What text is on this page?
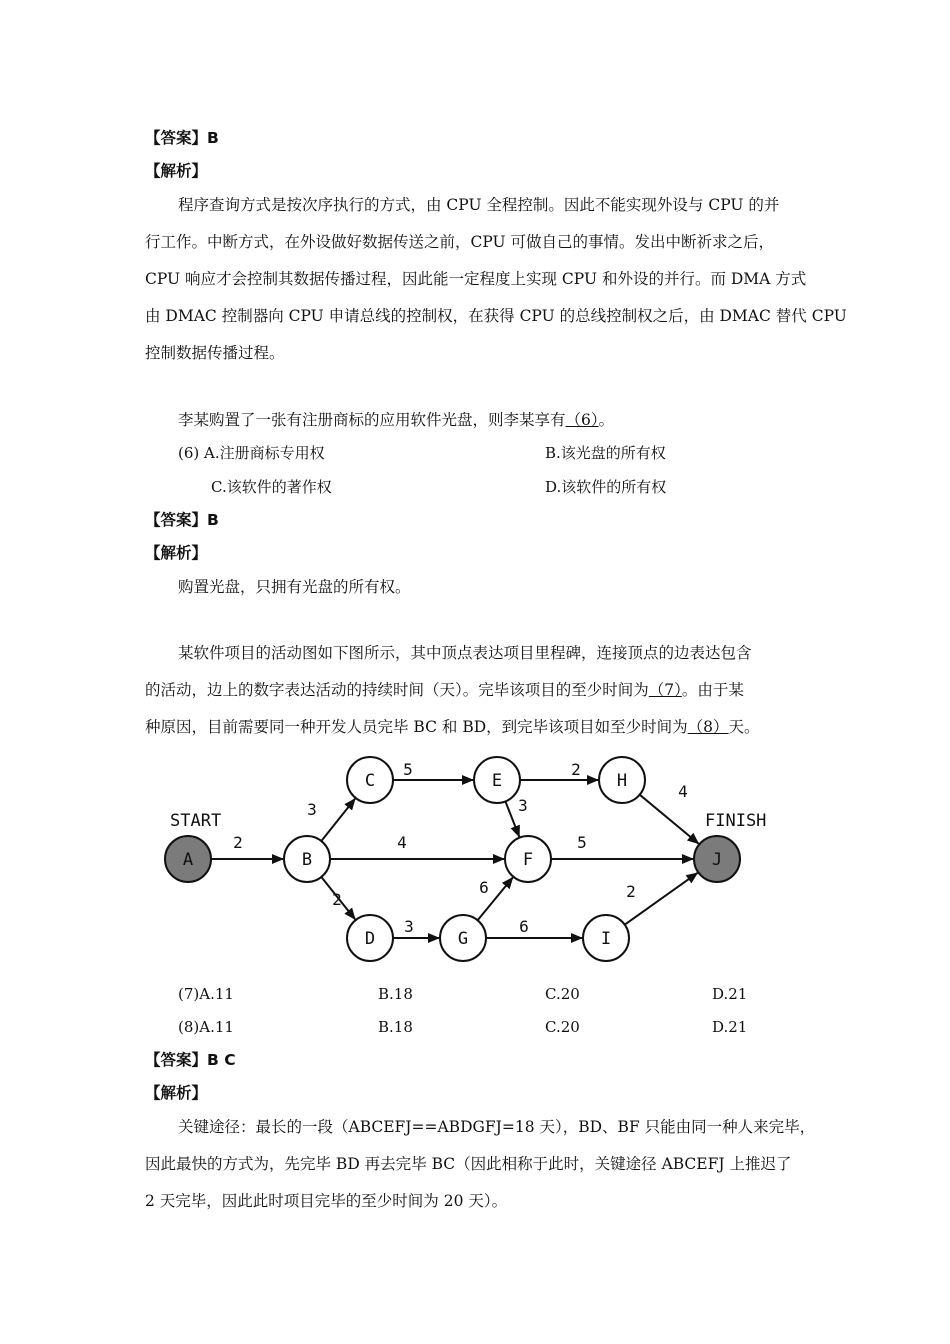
【答案】B
【解析】
程序查询方式是按次序执行的方式，由 CPU 全程控制。因此不能实现外设与 CPU 的并
行工作。中断方式，在外设做好数据传送之前，CPU 可做自己的事情。发出中断祈求之后，
CPU 响应才会控制其数据传播过程，因此能一定程度上实现 CPU 和外设的并行。而 DMA 方式
由 DMAC 控制器向 CPU 申请总线的控制权，在获得 CPU 的总线控制权之后，由 DMAC 替代 CPU
控制数据传播过程。
李某购置了一张有注册商标的应用软件光盘，则李某享有（6）。
(6) A.注册商标专用权	B.该光盘的所有权
C.该软件的著作权	D.该软件的所有权
【答案】B
【解析】
购置光盘，只拥有光盘的所有权。
某软件项目的活动图如下图所示，其中顶点表达项目里程碑，连接顶点的边表达包含
的活动，边上的数字表达活动的持续时间（天）。完毕该项目的至少时间为（7）。由于某
种原因，目前需要同一种开发人员完毕 BC 和 BD，到完毕该项目如至少时间为（8）天。
2
3
4
2
5	2
3
4
5
3
6
6
2
A	B
C
D
E
F
G
H
I
J
START	FINISH
(7)A.11	B.18	C.20	D.21
(8)A.11	B.18	C.20	D.21
【答案】B C
【解析】
关键途径：最长的一段（ABCEFJ==ABDGFJ=18 天），BD、BF 只能由同一种人来完毕，
因此最快的方式为，先完毕 BD 再去完毕 BC（因此相称于此时，关键途径 ABCEFJ 上推迟了
2 天完毕，因此此时项目完毕的至少时间为 20 天）。
